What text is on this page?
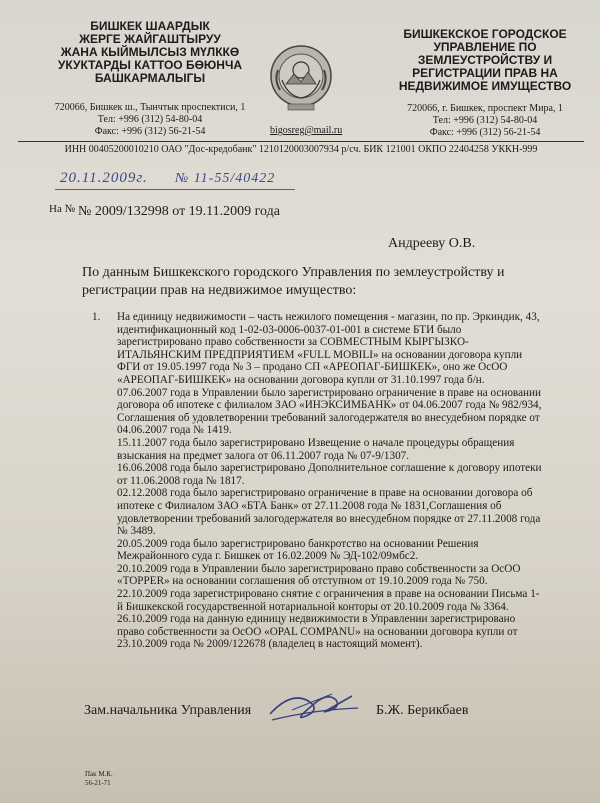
БИШКЕК ШААРДЫК
ЖЕРГЕ ЖАЙГАШТЫРУУ
ЖАНА КЫЙМЫЛСЫЗ МҮЛККӨ
УКУКТАРДЫ КАТТОО БӨЮНЧА
БАШКАРМАЛЫГЫ
БИШКЕКСКОЕ ГОРОДСКОЕ
УПРАВЛЕНИЕ ПО
ЗЕМЛЕУСТРОЙСТВУ И
РЕГИСТРАЦИИ ПРАВ НА
НЕДВИЖИМОЕ ИМУЩЕСТВО
720066, Бишкек ш., Тынчтык проспектиси, 1
Тел: +996 (312) 54-80-04
Факс: +996 (312) 56-21-54	bigosreg@mail.ru
720066, г. Бишкек, проспект Мира, 1
Тел: +996 (312) 54-80-04
Факс: +996 (312) 56-21-54
ИНН 00405200010210 ОАО "Дос-кредобанк" 1210120003007934 р/сч. БИК 121001 ОКПО 22404258 УККН-999
20.11.2009г. № 11-55/40422
На № № 2009/132998 от 19.11.2009 года
Андрееву О.В.
По данным Бишкекского городского Управления по землеустройству и регистрации прав на недвижимое имущество:
1. На единицу недвижимости – часть нежилого помещения - магазин, по пр. Эркиндик, 43, идентификационный код 1-02-03-0006-0037-01-001 в системе БТИ было зарегистрировано право собственности за СОВМЕСТНЫМ КЫРГЫЗКО-ИТАЛЬЯНСКИМ ПРЕДПРИЯТИЕМ «FULL MOBILI» на основании договора купли ФГИ от 19.05.1997 года № 3 – продано СП «АРЕОПАГ-БИШКЕК», оно же ОсОО «АРЕОПАГ-БИШКЕК» на основании договора купли от 31.10.1997 года б/н.
07.06.2007 года в Управлении было зарегистрировано ограничение в праве на основании договора об ипотеке с филиалом ЗАО «ИНЭКСИМБАНК» от 04.06.2007 года № 982/934, Соглашения об удовлетворении требований залогодержателя во внесудебном порядке от 04.06.2007 года № 1419.
15.11.2007 года было зарегистрировано Извещение о начале процедуры обращения взыскания на предмет залога от 06.11.2007 года № 07-9/1307.
16.06.2008 года было зарегистрировано Дополнительное соглашение к договору ипотеки от 11.06.2008 года № 1817.
02.12.2008 года было зарегистрировано ограничение в праве на основании договора об ипотеке с Филиалом ЗАО «БТА Банк» от 27.11.2008 года № 1831,Соглашения об удовлетворении требований залогодержателя во внесудебном порядке от 27.11.2008 года № 3489.
20.05.2009 года было зарегистрировано банкротство на основании Решения Межрайонного суда г. Бишкек от 16.02.2009 № ЭД-102/09мбс2.
20.10.2009 года в Управлении было зарегистрировано право собственности за ОсОО «TOPPER» на основании соглашения об отступном от 19.10.2009 года № 750.
22.10.2009 года зарегистрировано снятие с ограничения в праве на основании Письма 1-й Бишкекской государственной нотариальной конторы от 20.10.2009 года № 3364.
26.10.2009 года на данную единицу недвижимости в Управлении зарегистрировано право собственности за ОсОО «OPAL COMPANU» на основании договора купли от 23.10.2009 года № 2009/122678 (владелец в настоящий момент).
Зам.начальника Управления	Б.Ж. Берикбаев
Пак М.К.
56-21-71
